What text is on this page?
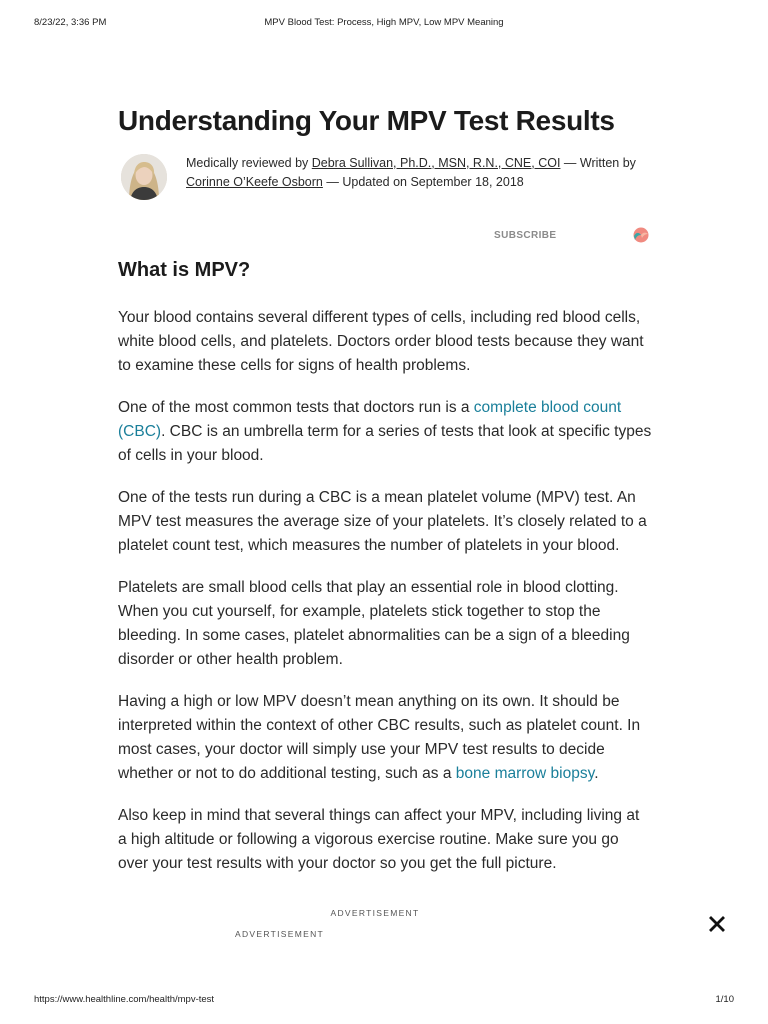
8/23/22, 3:36 PM	MPV Blood Test: Process, High MPV, Low MPV Meaning
Understanding Your MPV Test Results
Medically reviewed by Debra Sullivan, Ph.D., MSN, R.N., CNE, COI — Written by Corinne O’Keefe Osborn — Updated on September 18, 2018
SUBSCRIBE
What is MPV?

Your blood contains several different types of cells, including red blood cells, white blood cells, and platelets. Doctors order blood tests because they want to examine these cells for signs of health problems.

One of the most common tests that doctors run is a complete blood count (CBC). CBC is an umbrella term for a series of tests that look at specific types of cells in your blood.

One of the tests run during a CBC is a mean platelet volume (MPV) test. An MPV test measures the average size of your platelets. It’s closely related to a platelet count test, which measures the number of platelets in your blood.

Platelets are small blood cells that play an essential role in blood clotting. When you cut yourself, for example, platelets stick together to stop the bleeding. In some cases, platelet abnormalities can be a sign of a bleeding disorder or other health problem.

Having a high or low MPV doesn’t mean anything on its own. It should be interpreted within the context of other CBC results, such as platelet count. In most cases, your doctor will simply use your MPV test results to decide whether or not to do additional testing, such as a bone marrow biopsy.

Also keep in mind that several things can affect your MPV, including living at a high altitude or following a vigorous exercise routine. Make sure you go over your test results with your doctor so you get the full picture.

ADVERTISEMENT
ADVERTISEMENT
https://www.healthline.com/health/mpv-test	1/10
